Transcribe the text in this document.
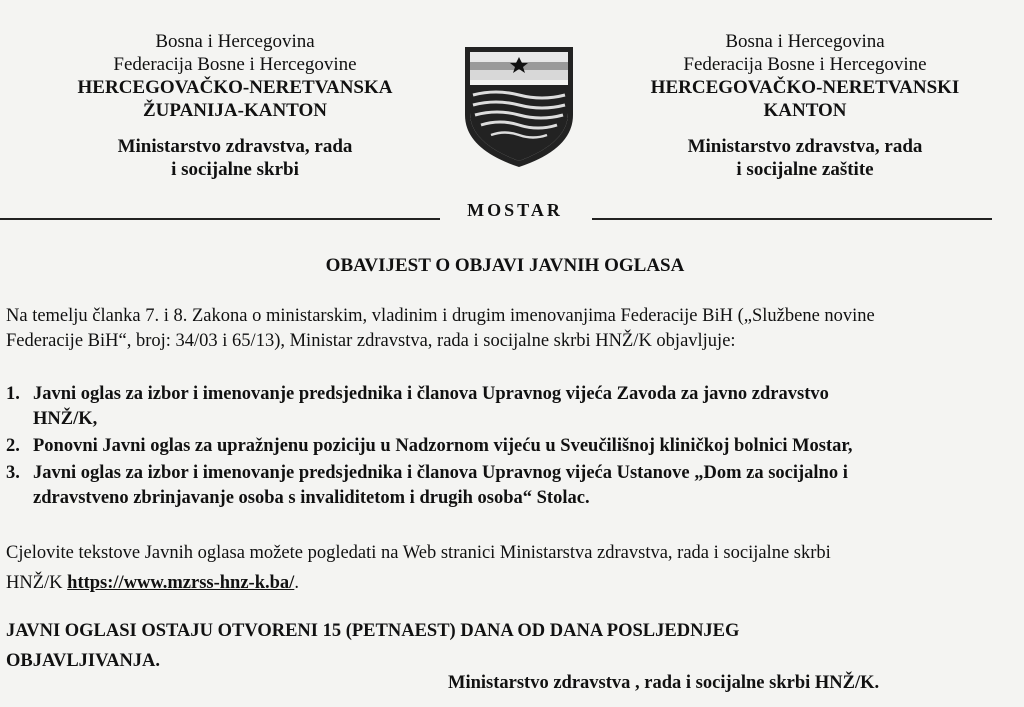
Bosna i Hercegovina
Federacija Bosne i Hercegovine
HERCEGOVAČKO-NERETVANSKA
ŽUPANIJA-KANTON
Ministarstvo zdravstva, rada
i socijalne skrbi
Bosna i Hercegovina
Federacija Bosne i Hercegovine
HERCEGOVAČKO-NERETVANSKI
KANTON
Ministarstvo zdravstva, rada
i socijalne zaštite
MOSTAR
OBAVIJEST O OBJAVI JAVNIH OGLASA
Na temelju članka 7. i 8. Zakona o ministarskim, vladinim i drugim imenovanjima Federacije BiH („Službene novine
Federacije BiH“, broj: 34/03 i 65/13), Ministar zdravstva, rada i socijalne skrbi HNŽ/K objavljuje:
1. Javni oglas za izbor i imenovanje predsjednika i članova Upravnog vijeća Zavoda za javno zdravstvo
HNŽ/K,
2. Ponovni Javni oglas za upražnjenu poziciju u Nadzornom vijeću u Sveučilišnoj kliničkoj bolnici Mostar,
3. Javni oglas za izbor i imenovanje predsjednika i članova Upravnog vijeća Ustanove „Dom za socijalno i
zdravstveno zbrinjavanje osoba s invaliditetom i drugih osoba“ Stolac.
Cjelovite tekstove Javnih oglasa možete pogledati na Web stranici Ministarstva zdravstva, rada i socijalne skrbi
HNŽ/K https://www.mzrss-hnz-k.ba/.
JAVNI OGLASI OSTAJU OTVORENI 15 (PETNAEST) DANA OD DANA POSLJEDNJEG
OBJAVLJIVANJA.
Ministarstvo zdravstva , rada i socijalne skrbi HNŽ/K.
